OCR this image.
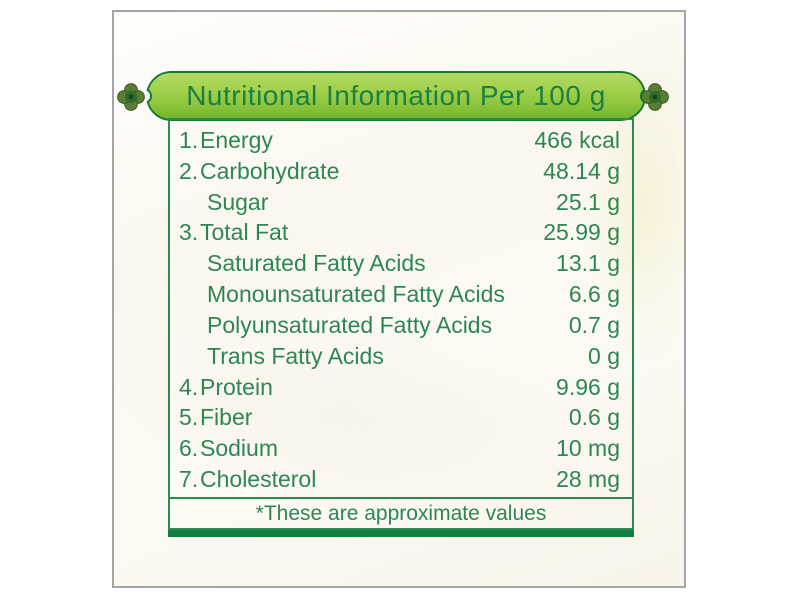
Nutritional Information Per 100 g
1. Energy	466 kcal
2. Carbohydrate	48.14 g
Sugar	25.1 g
3. Total Fat	25.99 g
Saturated Fatty Acids	13.1 g
Monounsaturated Fatty Acids	6.6 g
Polyunsaturated Fatty Acids	0.7 g
Trans Fatty Acids	0 g
4. Protein	9.96 g
5. Fiber	0.6 g
6. Sodium	10 mg
7. Cholesterol	28 mg
*These are approximate values
